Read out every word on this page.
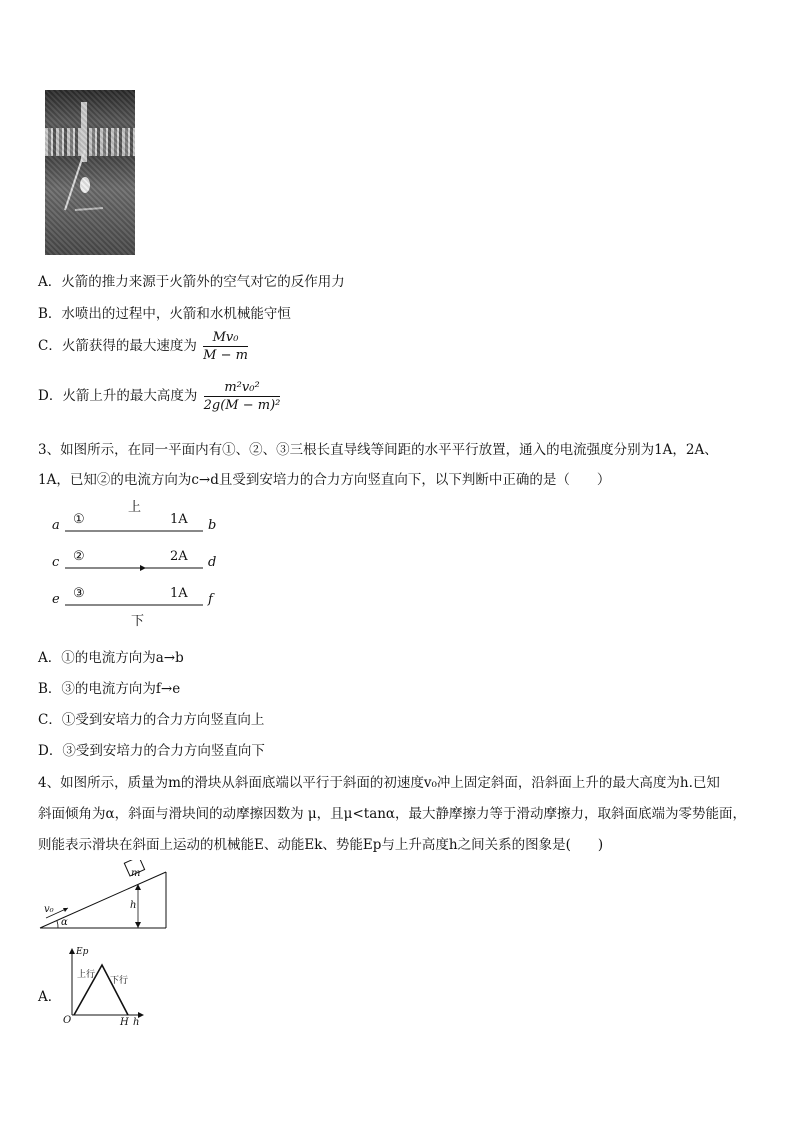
A．火箭的推力来源于火箭外的空气对它的反作用力
B．水喷出的过程中，火箭和水机械能守恒
C．火箭获得的最大速度为 $\frac{\text{Mv₀}}{M - m}$
D．火箭上升的最大高度为 $\frac{\text{m²v₀²}}{\text{2g(M − m)²}}$
3、如图所示，在同一平面内有①、②、③三根长直导线等间距的水平平行放置，通入的电流强度分别为1A，2A、
1A，已知②的电流方向为c→d且受到安培力的合力方向竖直向下，以下判断中正确的是（　　）
上
a ①	1A b
c ②	2A d
e ③	1A f
下
A．①的电流方向为a→b
B．③的电流方向为f→e
C．①受到安培力的合力方向竖直向上
D．③受到安培力的合力方向竖直向下
4、如图所示，质量为m的滑块从斜面底端以平行于斜面的初速度v₀冲上固定斜面，沿斜面上升的最大高度为h.已知
斜面倾角为α，斜面与滑块间的动摩擦因数为 μ，且μ<tanα，最大静摩擦力等于滑动摩擦力，取斜面底端为零势能面，
则能表示滑块在斜面上运动的机械能E、动能Ek、势能Ep与上升高度h之间关系的图象是(　　)
m
v₀	h
α
A．
Ep
上行
下行
O	H h
